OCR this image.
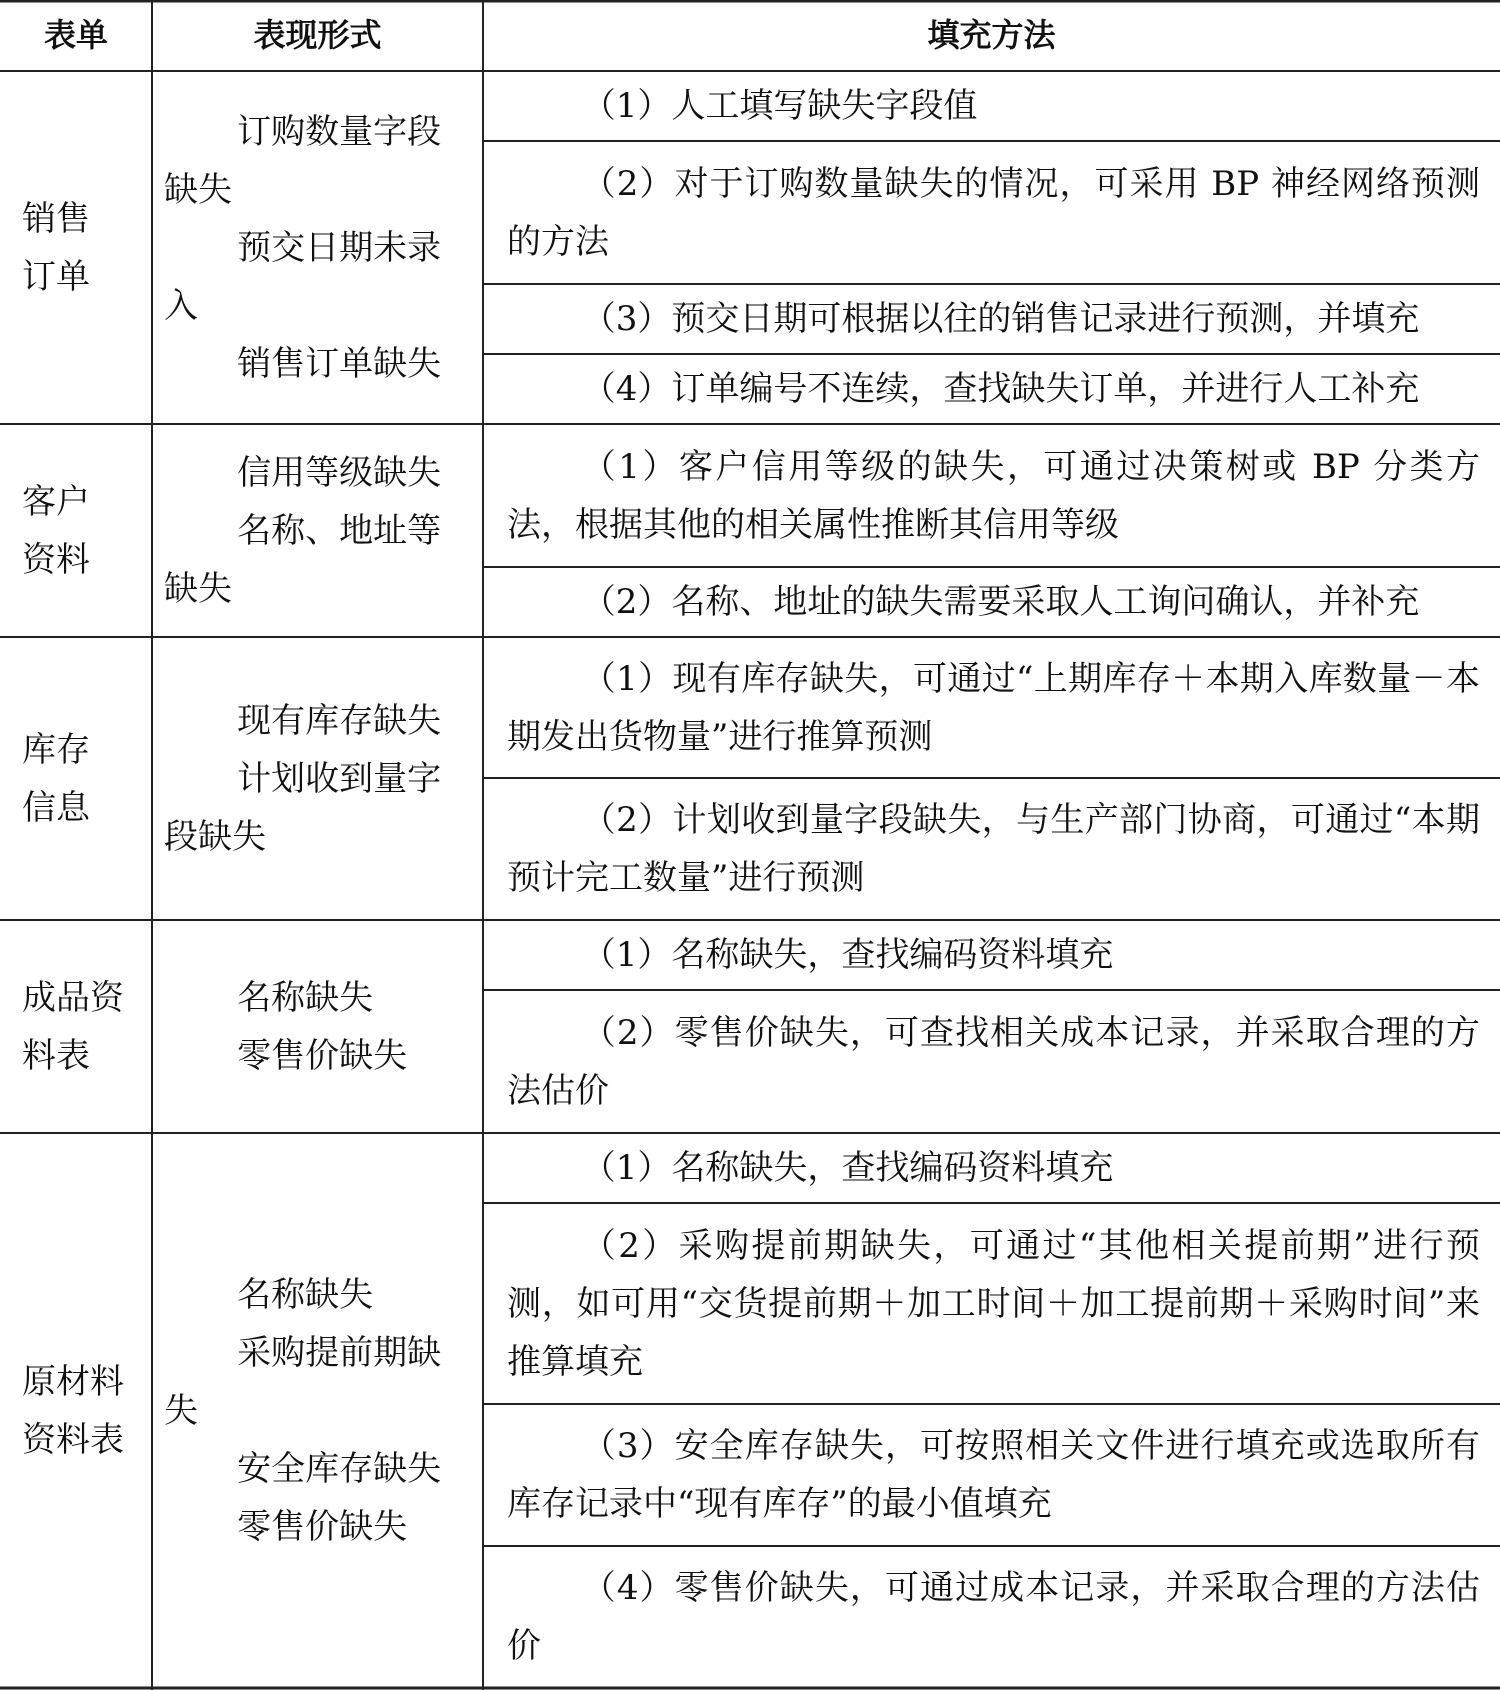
表单	表现形式	填充方法
销售
订单
订购数量字段缺失
预交日期未录入
销售订单缺失

（1）人工填写缺失字段值

（2）对于订购数量缺失的情况，可采用 BP 神经网络预测的方法

（3）预交日期可根据以往的销售记录进行预测，并填充

（4）订单编号不连续，查找缺失订单，并进行人工补充

客户
资料
信用等级缺失
名称、地址等缺失

（1）客户信用等级的缺失，可通过决策树或 BP 分类方法，根据其他的相关属性推断其信用等级

（2）名称、地址的缺失需要采取人工询问确认，并补充

库存
信息
现有库存缺失
计划收到量字段缺失

（1）现有库存缺失，可通过“上期库存＋本期入库数量－本期发出货物量”进行推算预测

（2）计划收到量字段缺失，与生产部门协商，可通过“本期预计完工数量”进行预测

成品资
料表
名称缺失
零售价缺失

（1）名称缺失，查找编码资料填充

（2）零售价缺失，可查找相关成本记录，并采取合理的方法估价

原材料
资料表
名称缺失
采购提前期缺失
安全库存缺失
零售价缺失

（1）名称缺失，查找编码资料填充

（2）采购提前期缺失，可通过“其他相关提前期”进行预测，如可用“交货提前期＋加工时间＋加工提前期＋采购时间”来推算填充

（3）安全库存缺失，可按照相关文件进行填充或选取所有库存记录中“现有库存”的最小值填充

（4）零售价缺失，可通过成本记录，并采取合理的方法估价
